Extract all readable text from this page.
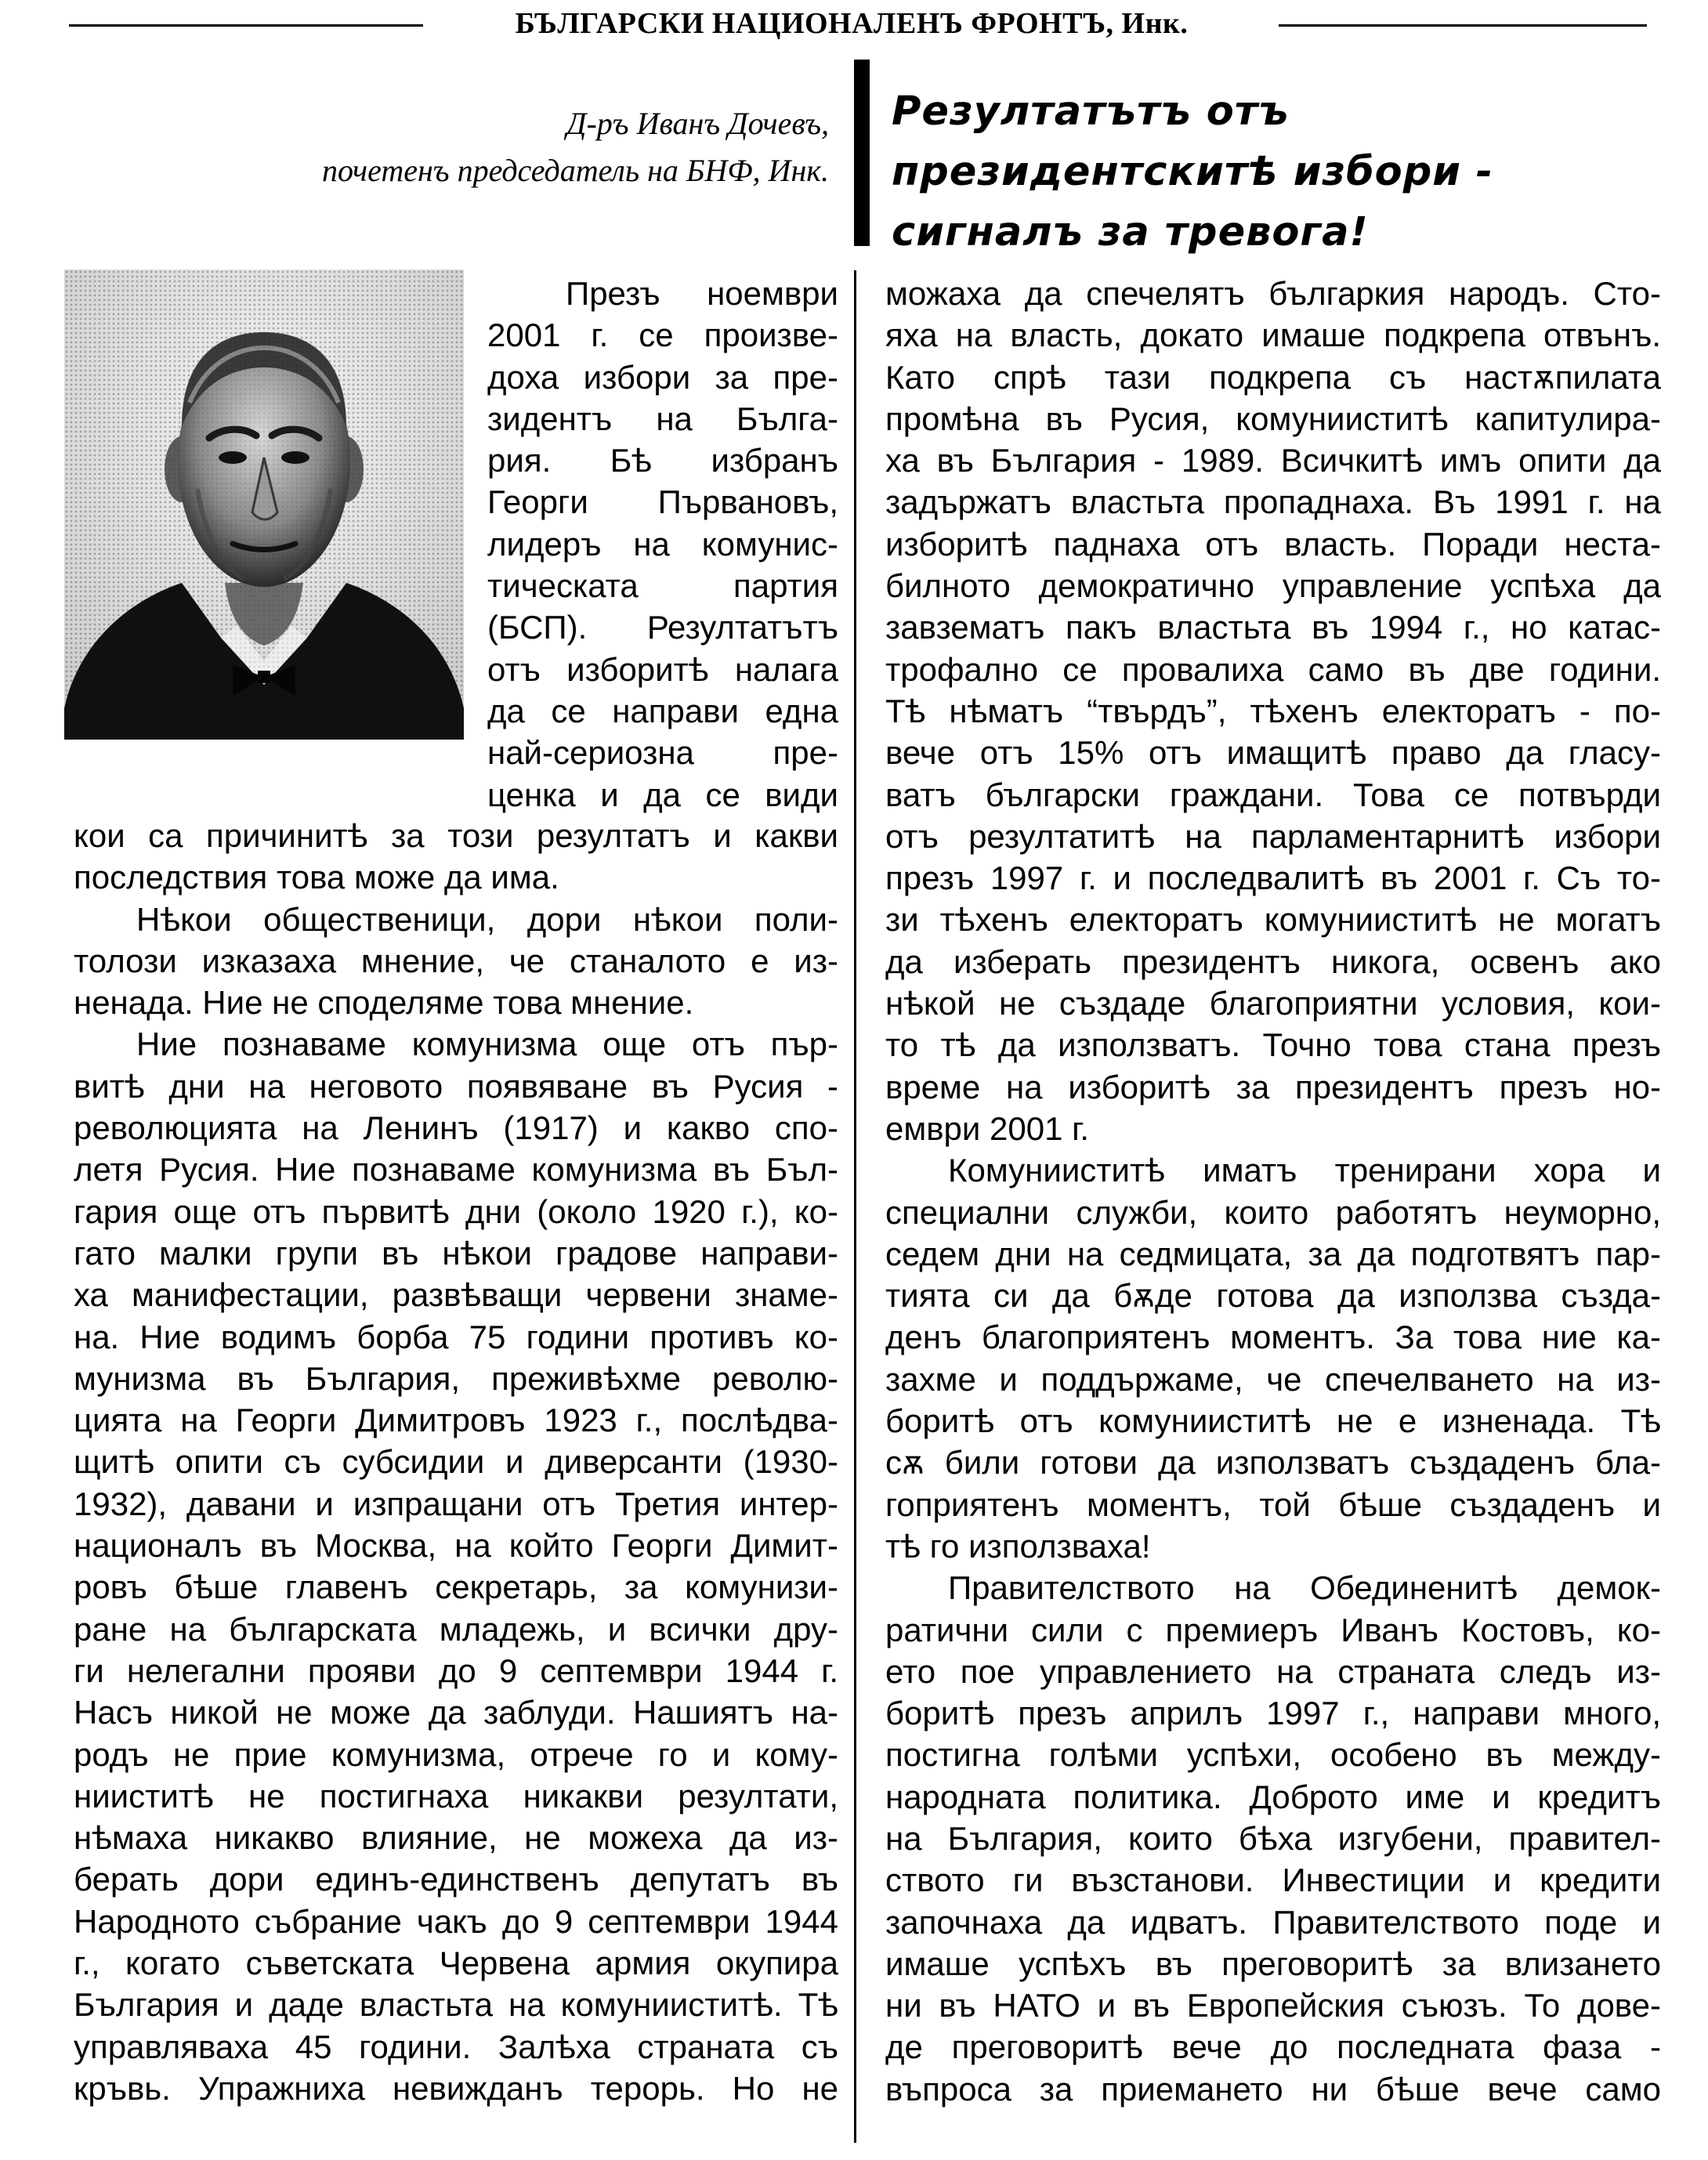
БЪЛГАРСКИ НАЦИОНАЛЕНЪ ФРОНТЪ, Инк.
Д-ръ Иванъ Дочевъ,
почетенъ председатель на БНФ, Инк.
Резултатътъ отъ
президентскитѣ избори -
сигналъ за тревога!
Презъ ноември
2001 г. се произве-
доха избори за пре-
зидентъ на Бълга-
рия. Бѣ избранъ
Георги Първановъ,
лидеръ на комунис-
тическата партия
(БСП). Резултатътъ
отъ изборитѣ налага
да се направи една
най-сериозна пре-
ценка и да се види
кои са причинитѣ за този резултатъ и какви
последствия това може да има.
Нѣкои общественици, дори нѣкои поли-
толози изказаха мнение, че станалото е из-
ненада. Ние не споделяме това мнение.
Ние познаваме комунизма още отъ пър-
витѣ дни на неговото появяване въ Русия -
революцията на Ленинъ (1917) и какво спо-
летя Русия. Ние познаваме комунизма въ Бъл-
гария още отъ първитѣ дни (около 1920 г.), ко-
гато малки групи въ нѣкои градове направи-
ха манифестации, развѣващи червени знаме-
на. Ние водимъ борба 75 години противъ ко-
мунизма въ България, преживѣхме револю-
цията на Георги Димитровъ 1923 г., послѣдва-
щитѣ опити съ субсидии и диверсанти (1930-
1932), давани и изпращани отъ Третия интер-
националъ въ Москва, на който Георги Димит-
ровъ бѣше главенъ секретарь, за комунизи-
ране на българската младежь, и всички дру-
ги нелегални прояви до 9 септември 1944 г.
Насъ никой не може да заблуди. Нашиятъ на-
родъ не прие комунизма, отрече го и кому-
нииститѣ не постигнаха никакви резултати,
нѣмаха никакво влияние, не можеха да из-
берать дори единъ-единственъ депутатъ въ
Народното събрание чакъ до 9 септември 1944
г., когато съветската Червена армия окупира
България и даде властьта на комунииститѣ. Тѣ
управляваха 45 години. Залѣха страната съ
кръвь. Упражниха невижданъ терорь. Но не
можаха да спечелятъ българкия народъ. Сто-
яха на власть, докато имаше подкрепа отвънъ.
Като спрѣ тази подкрепа съ настѫпилата
промѣна въ Русия, комунииститѣ капитулира-
ха въ България - 1989. Всичкитѣ имъ опити да
задържатъ властьта пропаднаха. Въ 1991 г. на
изборитѣ паднаха отъ власть. Поради неста-
билното демократично управление успѣха да
завзематъ пакъ властьта въ 1994 г., но катас-
трофално се провалиха само въ две години.
Тѣ нѣматъ “твърдъ”, тѣхенъ електоратъ - по-
вече отъ 15% отъ имащитѣ право да гласу-
ватъ български граждани. Това се потвърди
отъ резултатитѣ на парламентарнитѣ избори
презъ 1997 г. и последвалитѣ въ 2001 г. Съ то-
зи тѣхенъ електоратъ комунииститѣ не могатъ
да изберать президентъ никога, освенъ ако
нѣкой не създаде благоприятни условия, кои-
то тѣ да използватъ. Точно това стана презъ
време на изборитѣ за президентъ презъ но-
ември 2001 г.
Комунииститѣ иматъ тренирани хора и
специални служби, които работятъ неуморно,
седем дни на седмицата, за да подготвятъ пар-
тията си да бѫде готова да използва създа-
денъ благоприятенъ моментъ. За това ние ка-
захме и поддържаме, че спечелването на из-
боритѣ отъ комунииститѣ не е изненада. Тѣ
сѫ били готови да използватъ създаденъ бла-
гоприятенъ моментъ, той бѣше създаденъ и
тѣ го използваха!
Правителството на Обединенитѣ демок-
ратични сили с премиеръ Иванъ Костовъ, ко-
ето пое управлението на страната следъ из-
боритѣ презъ априлъ 1997 г., направи много,
постигна голѣми успѣхи, особено въ между-
народната политика. Доброто име и кредитъ
на България, които бѣха изгубени, правител-
ството ги възстанови. Инвестиции и кредити
започнаха да идватъ. Правителството поде и
имаше успѣхъ въ преговоритѣ за влизането
ни въ НАТО и въ Европейския съюзъ. То дове-
де преговоритѣ вече до последната фаза -
въпроса за приемането ни бѣше вече само
